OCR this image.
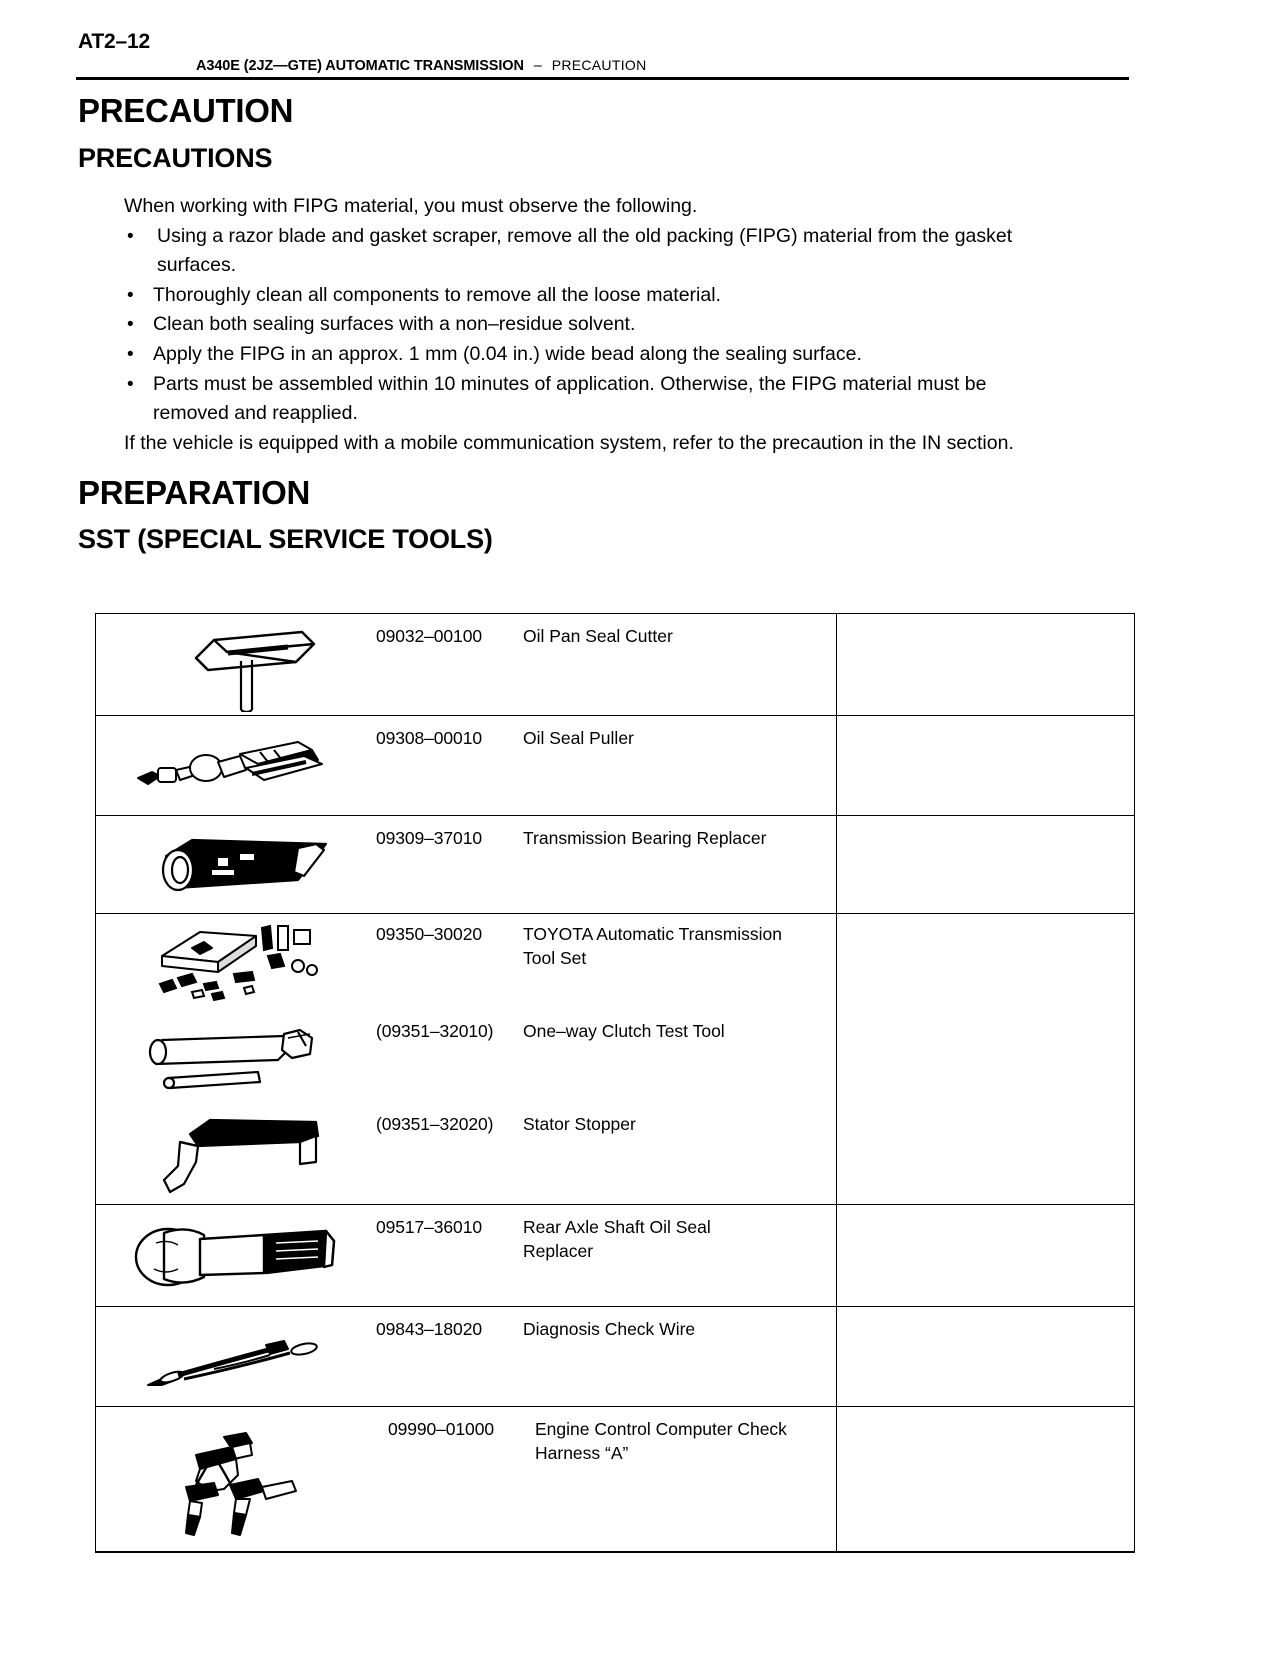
AT2–12
A340E (2JZ—GTE) AUTOMATIC TRANSMISSION – PRECAUTION
PRECAUTION
PRECAUTIONS
When working with FIPG material, you must observe the following.
• Using a razor blade and gasket scraper, remove all the old packing (FIPG) material from the gasket
surfaces.
• Thoroughly clean all components to remove all the loose material.
• Clean both sealing surfaces with a non–residue solvent.
• Apply the FIPG in an approx. 1 mm (0.04 in.) wide bead along the sealing surface.
• Parts must be assembled within 10 minutes of application. Otherwise, the FIPG material must be
removed and reapplied.
If the vehicle is equipped with a mobile communication system, refer to the precaution in the IN section.
PREPARATION
SST (SPECIAL SERVICE TOOLS)
09032–00100	Oil Pan Seal Cutter
09308–00010	Oil Seal Puller
09309–37010	Transmission Bearing Replacer
09350–30020	TOYOTA Automatic Transmission
Tool Set
(09351–32010)	One–way Clutch Test Tool
(09351–32020)	Stator Stopper
09517–36010	Rear Axle Shaft Oil Seal
Replacer
09843–18020	Diagnosis Check Wire
09990–01000	Engine Control Computer Check
Harness “A”
